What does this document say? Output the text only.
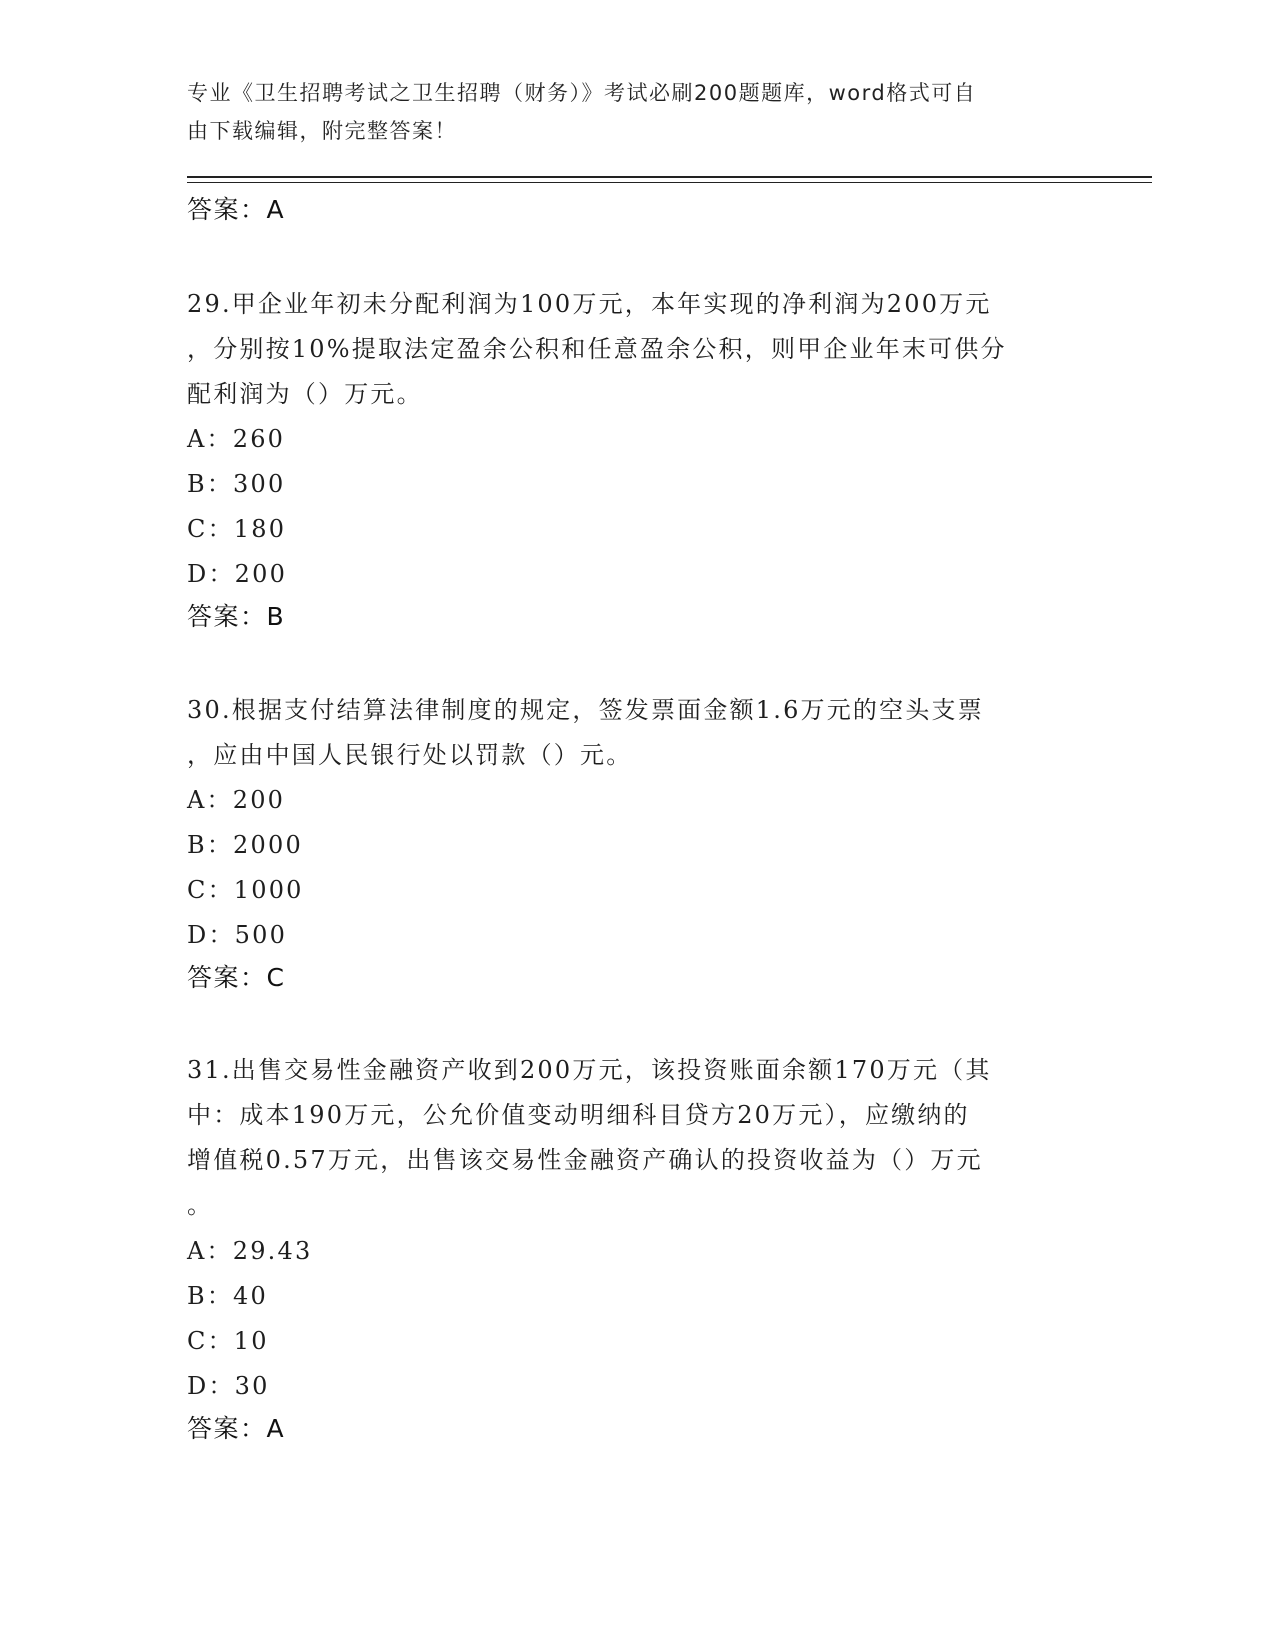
专业《卫生招聘考试之卫生招聘（财务）》考试必刷200题题库，word格式可自
由下载编辑，附完整答案！
答案：A
29.甲企业年初未分配利润为100万元，本年实现的净利润为200万元
，分别按10%提取法定盈余公积和任意盈余公积，则甲企业年末可供分
配利润为（）万元。
A：260
B：300
C：180
D：200
答案：B
30.根据支付结算法律制度的规定，签发票面金额1.6万元的空头支票
，应由中国人民银行处以罚款（）元。
A：200
B：2000
C：1000
D：500
答案：C
31.出售交易性金融资产收到200万元，该投资账面余额170万元（其
中：成本190万元，公允价值变动明细科目贷方20万元），应缴纳的
增值税0.57万元，出售该交易性金融资产确认的投资收益为（）万元
。
A：29.43
B：40
C：10
D：30
答案：A
